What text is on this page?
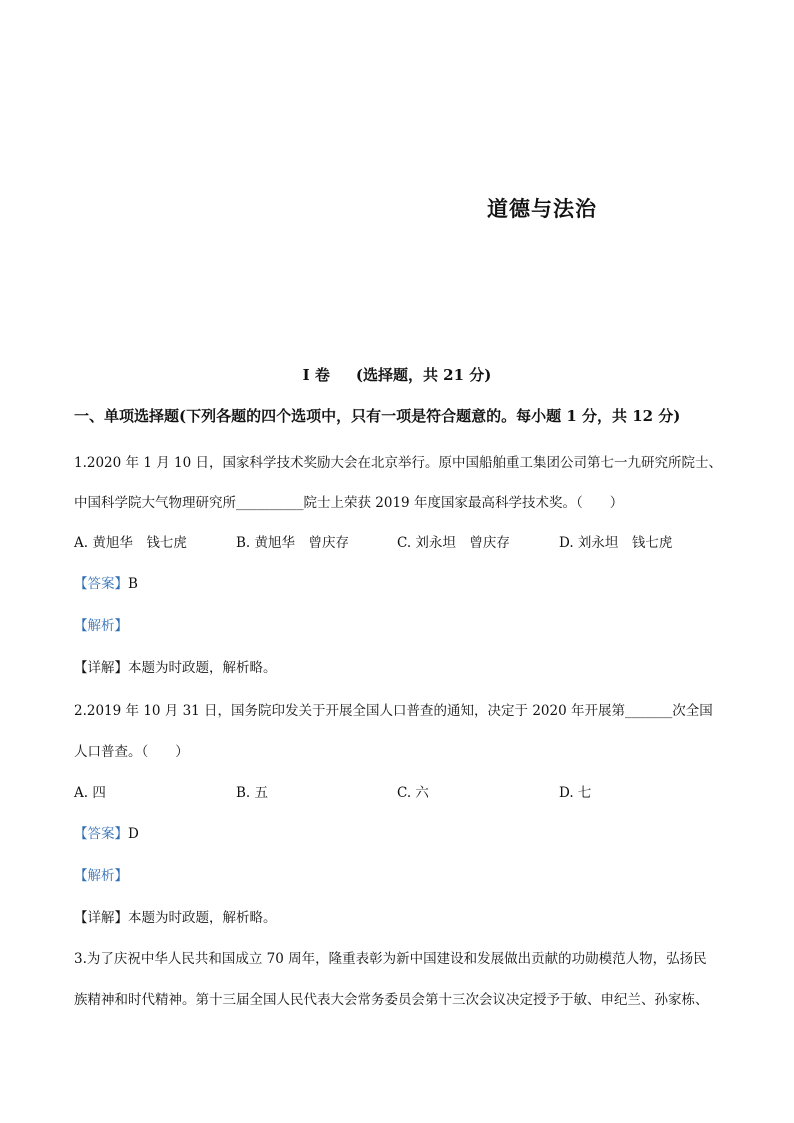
道德与法治
I 卷 (选择题，共 21 分)
一、单项选择题(下列各题的四个选项中，只有一项是符合题意的。每小题 1 分，共 12 分)
1.2020 年 1 月 10 日，国家科学技术奖励大会在北京举行。原中国船舶重工集团公司第七一九研究所院士、
中国科学院大气物理研究所__________院士上荣获 2019 年度国家最高科学技术奖。（　　）
A. 黄旭华　钱七虎	B. 黄旭华　曾庆存	C. 刘永坦　曾庆存	D. 刘永坦　钱七虎
【答案】B
【解析】
【详解】本题为时政题，解析略。
2.2019 年 10 月 31 日，国务院印发关于开展全国人口普查的通知，决定于 2020 年开展第_______次全国
人口普查。（　　）
A. 四	B. 五	C. 六	D. 七
【答案】D
【解析】
【详解】本题为时政题，解析略。
3.为了庆祝中华人民共和国成立 70 周年，隆重表彰为新中国建设和发展做出贡献的功勋模范人物，弘扬民
族精神和时代精神。第十三届全国人民代表大会常务委员会第十三次会议决定授予于敏、申纪兰、孙家栋、
